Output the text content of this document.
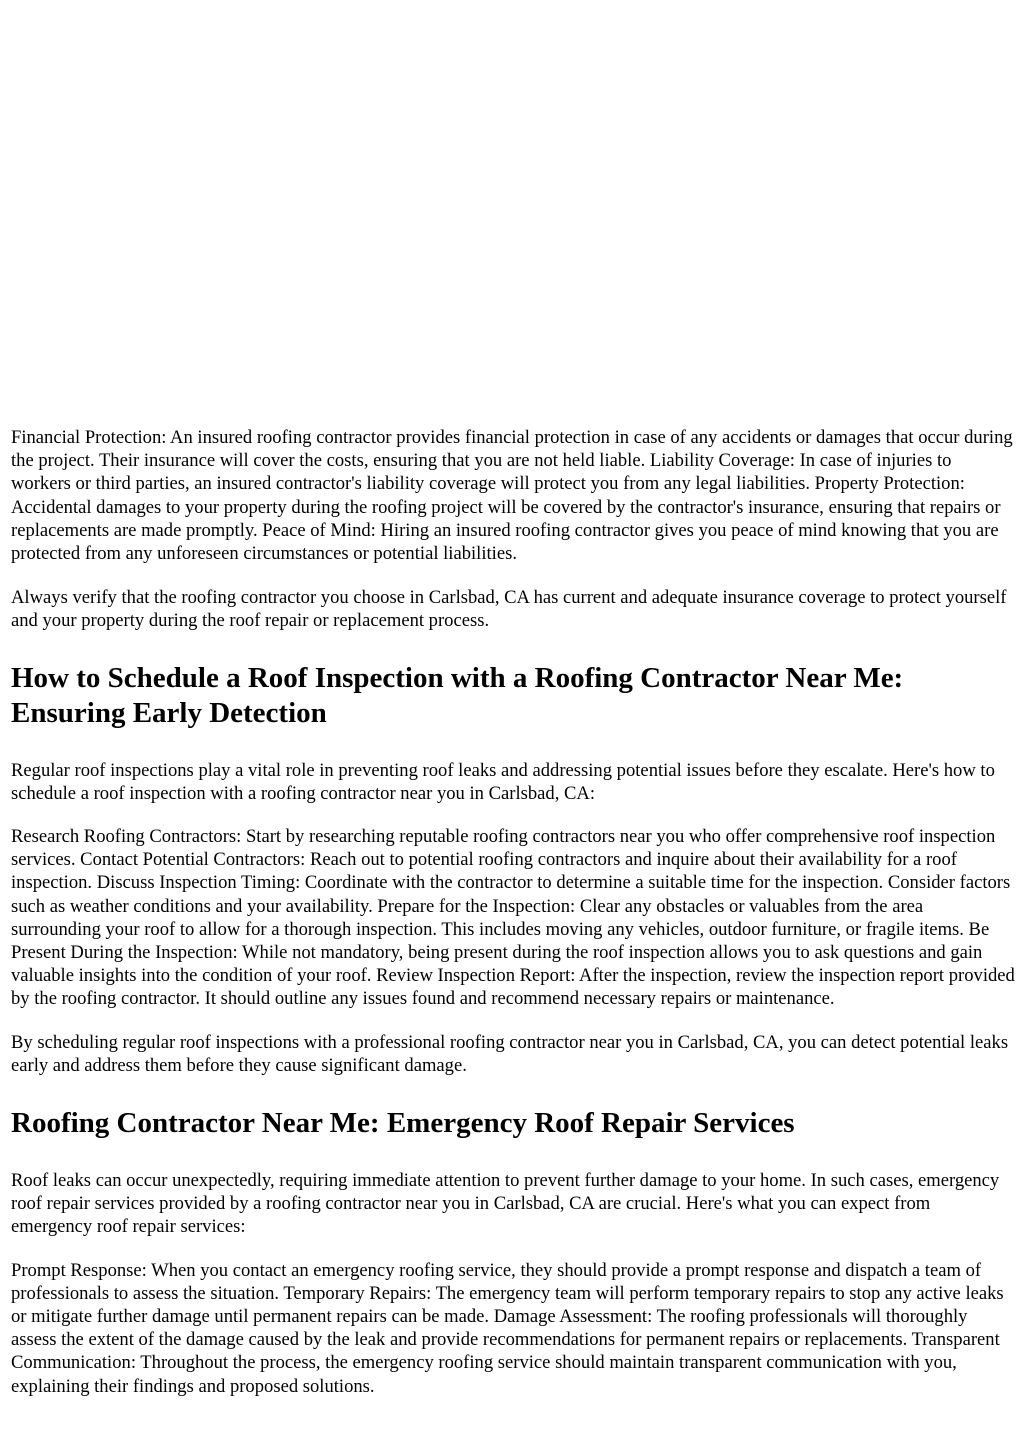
Financial Protection: An insured roofing contractor provides financial protection in case of any accidents or damages that occur during the project. Their insurance will cover the costs, ensuring that you are not held liable. Liability Coverage: In case of injuries to workers or third parties, an insured contractor's liability coverage will protect you from any legal liabilities. Property Protection: Accidental damages to your property during the roofing project will be covered by the contractor's insurance, ensuring that repairs or replacements are made promptly. Peace of Mind: Hiring an insured roofing contractor gives you peace of mind knowing that you are protected from any unforeseen circumstances or potential liabilities.

Always verify that the roofing contractor you choose in Carlsbad, CA has current and adequate insurance coverage to protect yourself and your property during the roof repair or replacement process.

How to Schedule a Roof Inspection with a Roofing Contractor Near Me: Ensuring Early Detection

Regular roof inspections play a vital role in preventing roof leaks and addressing potential issues before they escalate. Here's how to schedule a roof inspection with a roofing contractor near you in Carlsbad, CA:

Research Roofing Contractors: Start by researching reputable roofing contractors near you who offer comprehensive roof inspection services. Contact Potential Contractors: Reach out to potential roofing contractors and inquire about their availability for a roof inspection. Discuss Inspection Timing: Coordinate with the contractor to determine a suitable time for the inspection. Consider factors such as weather conditions and your availability. Prepare for the Inspection: Clear any obstacles or valuables from the area surrounding your roof to allow for a thorough inspection. This includes moving any vehicles, outdoor furniture, or fragile items. Be Present During the Inspection: While not mandatory, being present during the roof inspection allows you to ask questions and gain valuable insights into the condition of your roof. Review Inspection Report: After the inspection, review the inspection report provided by the roofing contractor. It should outline any issues found and recommend necessary repairs or maintenance.

By scheduling regular roof inspections with a professional roofing contractor near you in Carlsbad, CA, you can detect potential leaks early and address them before they cause significant damage.

Roofing Contractor Near Me: Emergency Roof Repair Services

Roof leaks can occur unexpectedly, requiring immediate attention to prevent further damage to your home. In such cases, emergency roof repair services provided by a roofing contractor near you in Carlsbad, CA are crucial. Here's what you can expect from emergency roof repair services:

Prompt Response: When you contact an emergency roofing service, they should provide a prompt response and dispatch a team of professionals to assess the situation. Temporary Repairs: The emergency team will perform temporary repairs to stop any active leaks or mitigate further damage until permanent repairs can be made. Damage Assessment: The roofing professionals will thoroughly assess the extent of the damage caused by the leak and provide recommendations for permanent repairs or replacements. Transparent Communication: Throughout the process, the emergency roofing service should maintain transparent communication with you, explaining their findings and proposed solutions.
